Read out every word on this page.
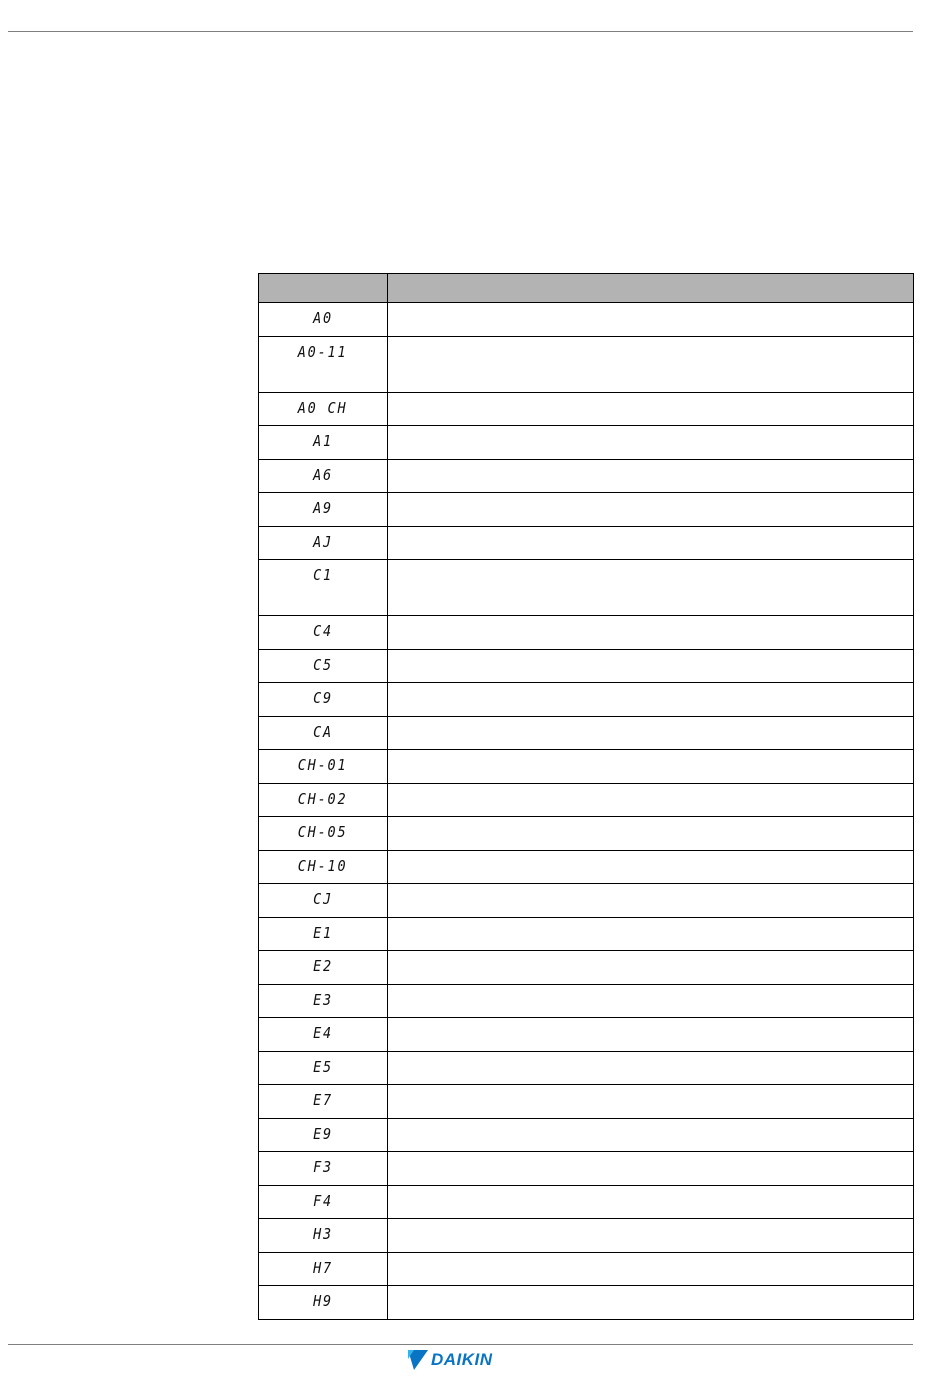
A0	
A0-11	
A0 CH	
A1	
A6	
A9	
AJ	
C1	
C4	
C5	
C9	
CA	
CH-01	
CH-02	
CH-05	
CH-10	
CJ	
E1	
E2	
E3	
E4	
E5	
E7	
E9	
F3	
F4	
H3	
H7	
H9	
DAIKIN
